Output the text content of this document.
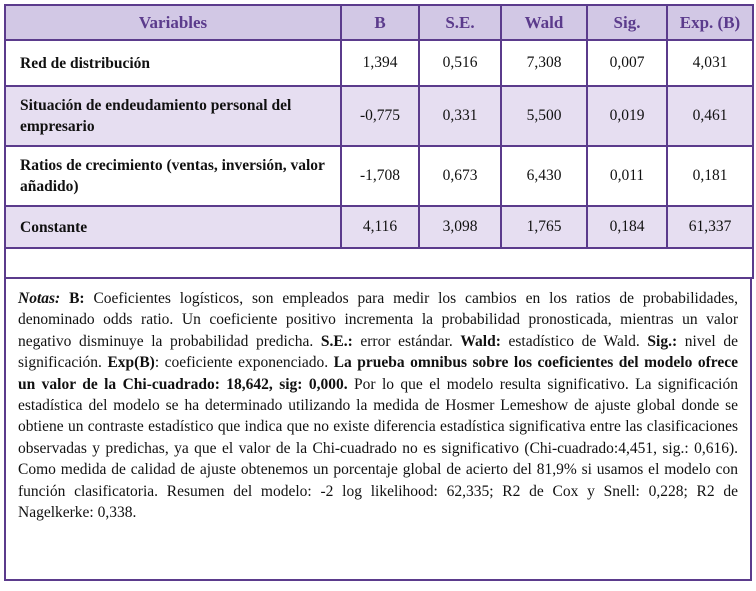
Variables	B	S.E.	Wald	Sig.	Exp. (B)
Red de distribución	1,394	0,516	7,308	0,007	4,031
Situación de endeudamiento personal del empresario	-0,775	0,331	5,500	0,019	0,461
Ratios de crecimiento (ventas, inversión, valor añadido)	-1,708	0,673	6,430	0,011	0,181
Constante	4,116	3,098	1,765	0,184	61,337

Notas: B: Coeficientes logísticos, son empleados para medir los cambios en los ratios de probabilidades, denominado odds ratio. Un coeficiente positivo incrementa la probabilidad pronosticada, mientras un valor negativo disminuye la probabilidad predicha. S.E.: error estándar. Wald: estadístico de Wald. Sig.: nivel de significación. Exp(B): coeficiente exponenciado. La prueba omnibus sobre los coeficientes del modelo ofrece un valor de la Chi-cuadrado: 18,642, sig: 0,000. Por lo que el modelo resulta significativo. La significación estadística del modelo se ha determinado utilizando la medida de Hosmer Lemeshow de ajuste global donde se obtiene un contraste estadístico que indica que no existe diferencia estadística significativa entre las clasificaciones observadas y predichas, ya que el valor de la Chi-cuadrado no es significativo (Chi-cuadrado:4,451, sig.: 0,616). Como medida de calidad de ajuste obtenemos un porcentaje global de acierto del 81,9% si usamos el modelo con función clasificatoria. Resumen del modelo: -2 log likelihood: 62,335; R2 de Cox y Snell: 0,228; R2 de Nagelkerke: 0,338.
